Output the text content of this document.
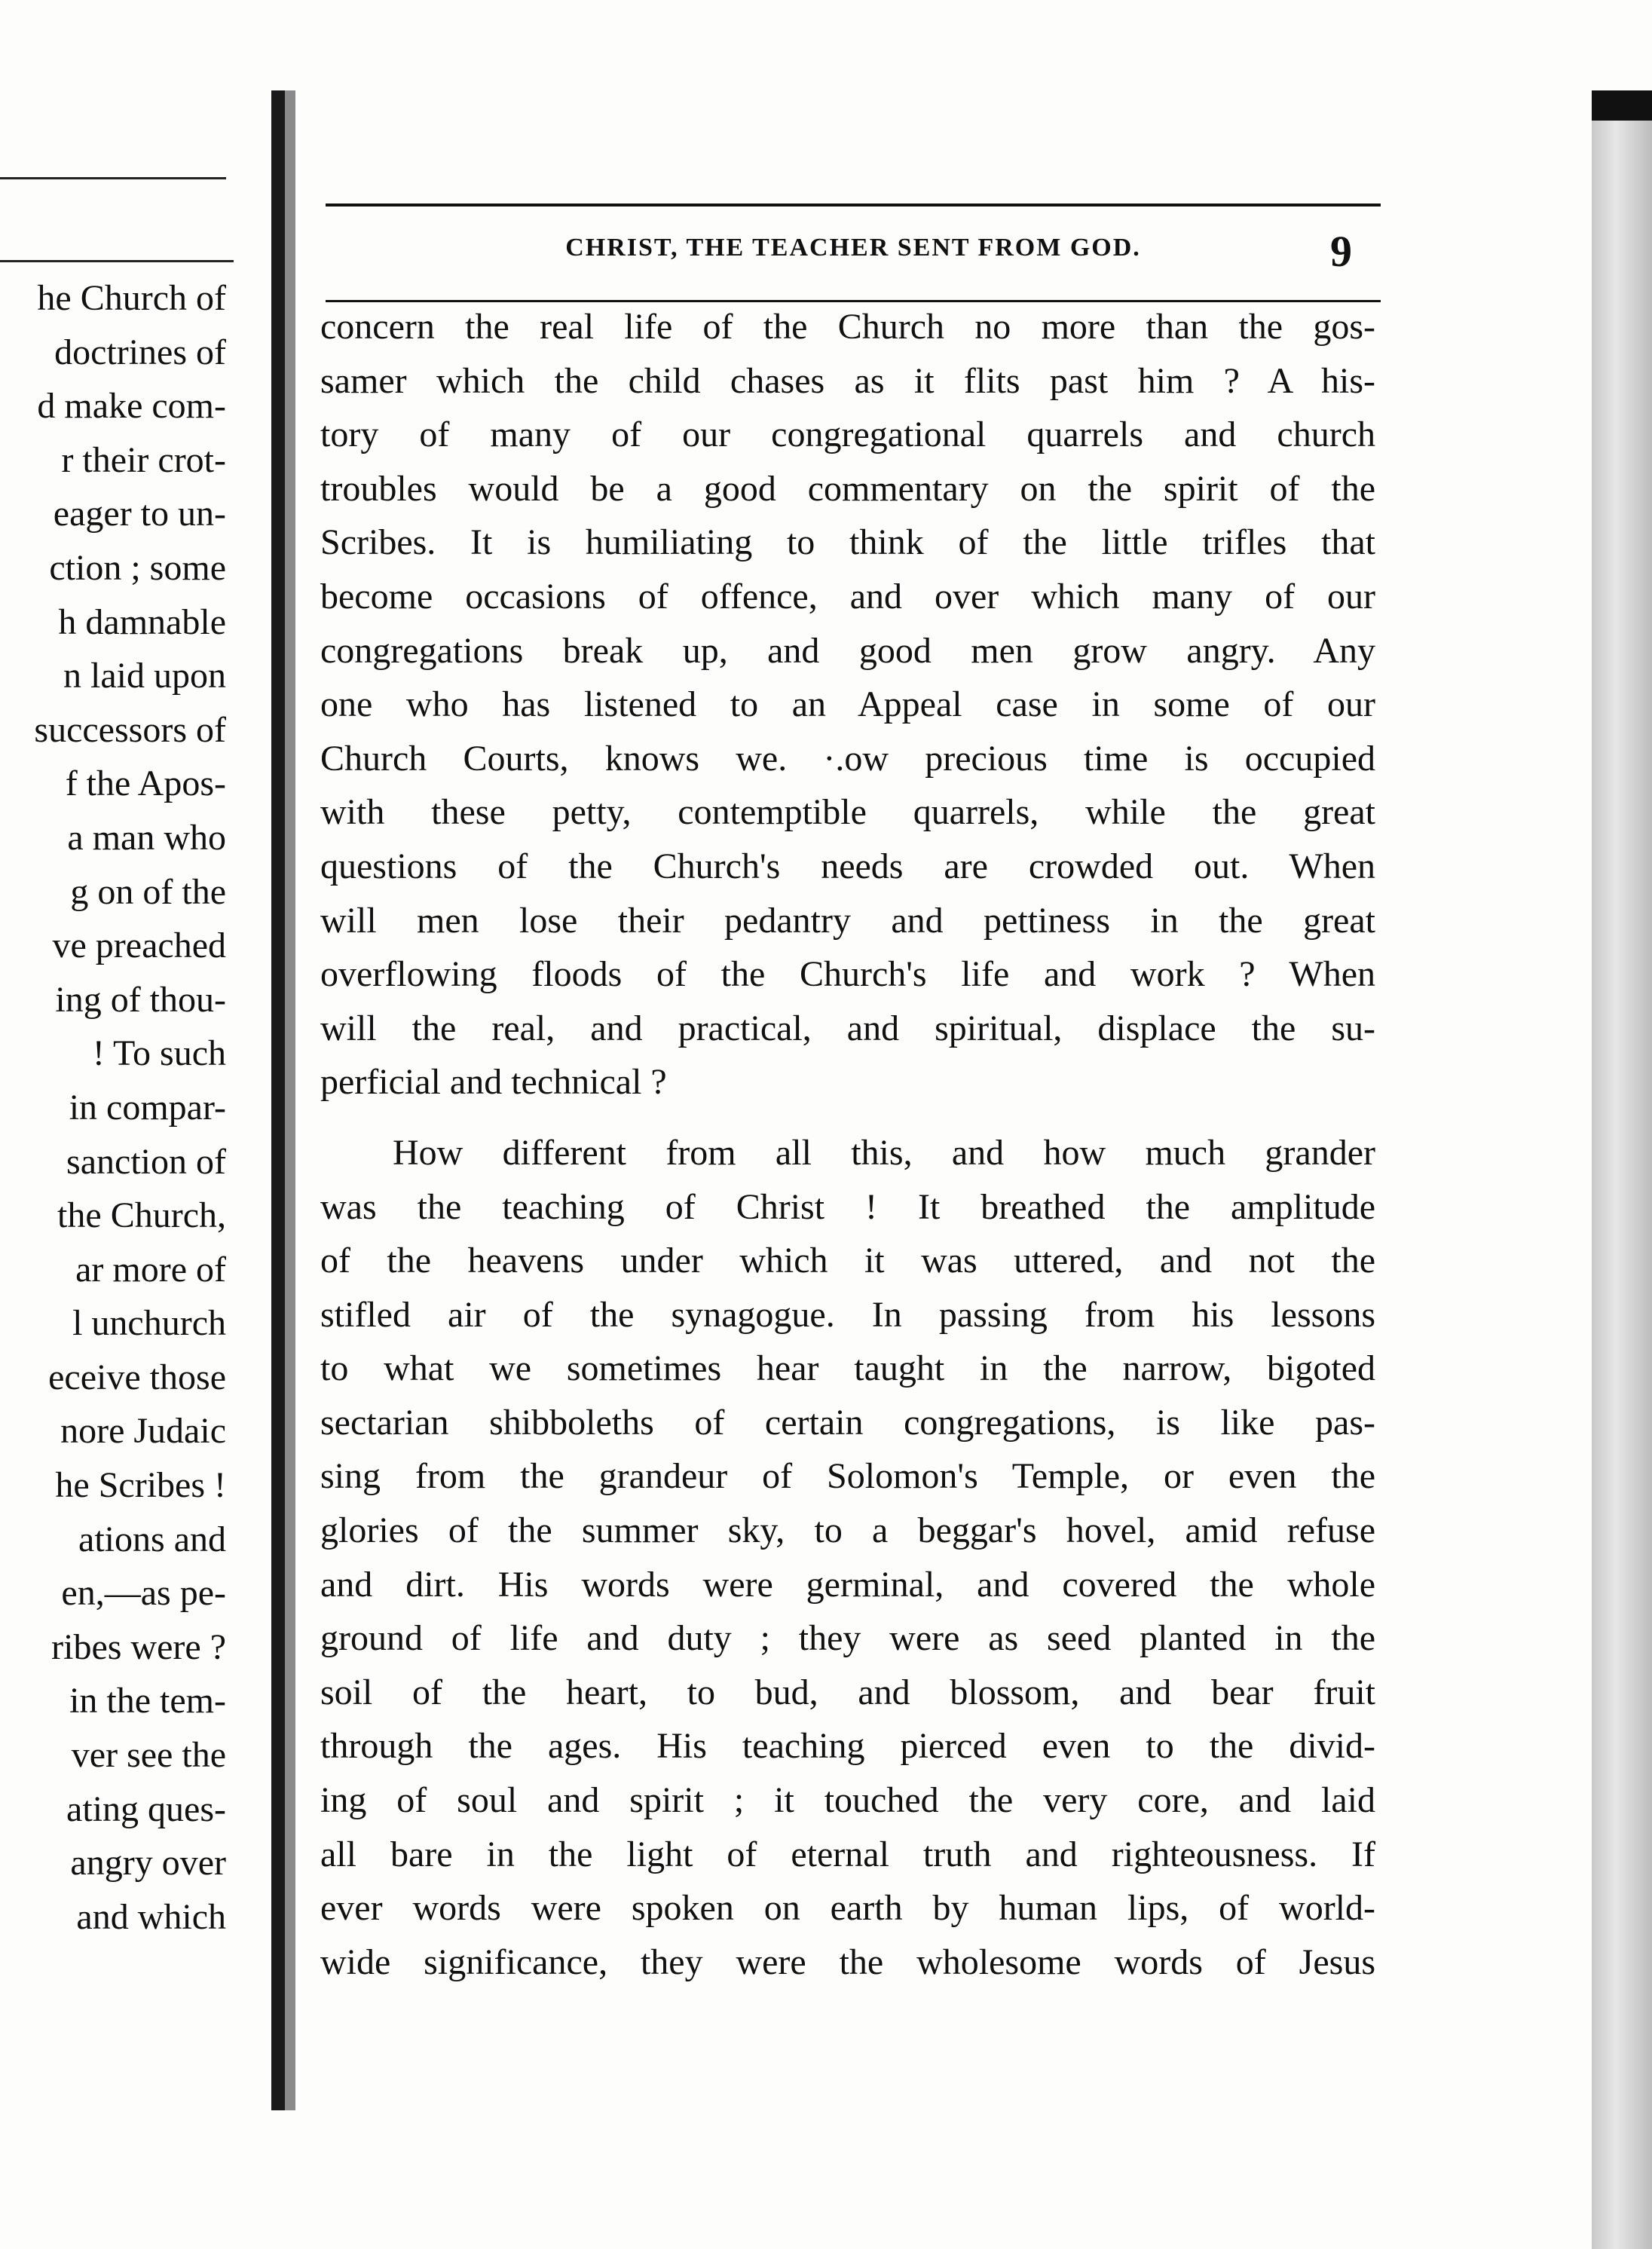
he Church of
doctrines of
d make com-
r their crot-
eager to un-
ction ; some
h damnable
n laid upon
successors of
f the Apos-
a man who
g on of the
ve preached
ing of thou-
! To such
in compar-
sanction of
the Church,
ar more of
l unchurch
eceive those
nore Judaic
he Scribes !
ations and
en,—as pe-
ribes were ?
in the tem-
ver see the
ating ques-
angry over
and which
CHRIST, THE TEACHER SENT FROM GOD.	9
concern the real life of the Church no more than the gos-
samer which the child chases as it flits past him ? A his-
tory of many of our congregational quarrels and church
troubles would be a good commentary on the spirit of the
Scribes. It is humiliating to think of the little trifles that
become occasions of offence, and over which many of our
congregations break up, and good men grow angry. Any
one who has listened to an Appeal case in some of our
Church Courts, knows we. ·.ow precious time is occupied
with these petty, contemptible quarrels, while the great
questions of the Church's needs are crowded out. When
will men lose their pedantry and pettiness in the great
overflowing floods of the Church's life and work ? When
will the real, and practical, and spiritual, displace the su-
perficial and technical ?
How different from all this, and how much grander
was the teaching of Christ ! It breathed the amplitude
of the heavens under which it was uttered, and not the
stifled air of the synagogue. In passing from his lessons
to what we sometimes hear taught in the narrow, bigoted
sectarian shibboleths of certain congregations, is like pas-
sing from the grandeur of Solomon's Temple, or even the
glories of the summer sky, to a beggar's hovel, amid refuse
and dirt. His words were germinal, and covered the whole
ground of life and duty ; they were as seed planted in the
soil of the heart, to bud, and blossom, and bear fruit
through the ages. His teaching pierced even to the divid-
ing of soul and spirit ; it touched the very core, and laid
all bare in the light of eternal truth and righteousness. If
ever words were spoken on earth by human lips, of world-
wide significance, they were the wholesome words of Jesus
